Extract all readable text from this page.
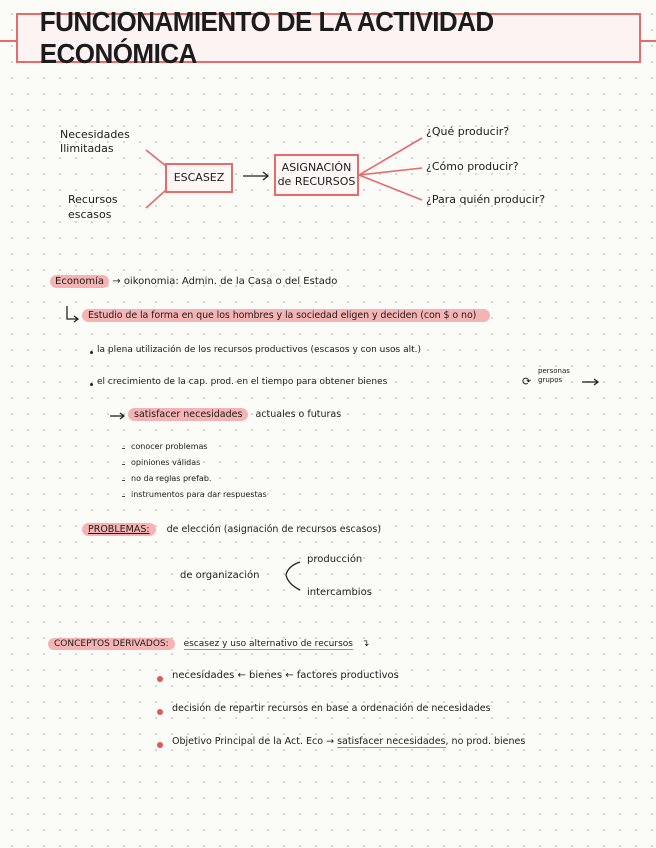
FUNCIONAMIENTO DE LA ACTIVIDAD ECONÓMICA
Necesidades
Ilimitadas
Recursos
escasos
ESCASEZ
ASIGNACIÓN
de RECURSOS
¿Qué producir?
¿Cómo producir?
¿Para quién producir?
Economía → oikonomia: Admin. de la Casa o del Estado
Estudio de la forma en que los hombres y la sociedad eligen y deciden (con $ o no)
la plena utilización de los recursos productivos (escasos y con usos alt.)
el crecimiento de la cap. prod. en el tiempo para obtener bienes	⟳
personas
grupos
satisfacer necesidades actuales o futuras
conocer problemas
opiniones válidas
no da reglas prefab.
instrumentos para dar respuestas
PROBLEMAS: de elección (asignación de recursos escasos)
de organización
producción
intercambios
CONCEPTOS DERIVADOS: escasez y uso alternativo de recursos ↴
necesidades ← bienes ← factores productivos
decisión de repartir recursos en base a ordenación de necesidades
Objetivo Principal de la Act. Eco → satisfacer necesidades, no prod. bienes
